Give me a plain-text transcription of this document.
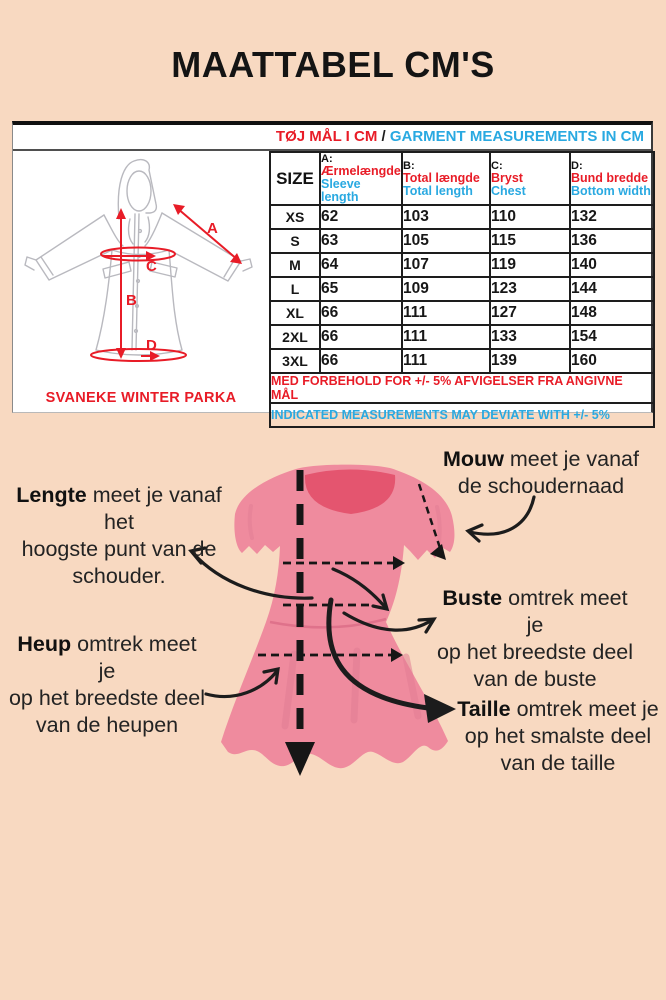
MAATTABEL CM'S
TØJ MÅL I CM / GARMENT MEASUREMENTS IN CM
A
B
C
D
SVANEKE WINTER PARKA
SIZE	
A:
Ærmelængde
Sleeve length

B:
Total længde
Total length

C:
Bryst
Chest

D:
Bund bredde
Bottom width

XS	62	103	110	132
S	63	105	115	136
M	64	107	119	140
L	65	109	123	144
XL	66	111	127	148
2XL	66	111	133	154
3XL	66	111	139	160
MED FORBEHOLD FOR +/- 5% AFVIGELSER FRA ANGIVNE MÅL				
INDICATED MEASUREMENTS MAY DEVIATE WITH +/- 5%				
Lengte meet je vanaf het
hoogste punt van de
schouder.
Mouw meet je vanaf
de schoudernaad
Buste omtrek meet je
op het breedste deel
van de buste
Heup omtrek meet je
op het breedste deel
van de heupen
Taille omtrek meet je
op het smalste deel
van de taille
